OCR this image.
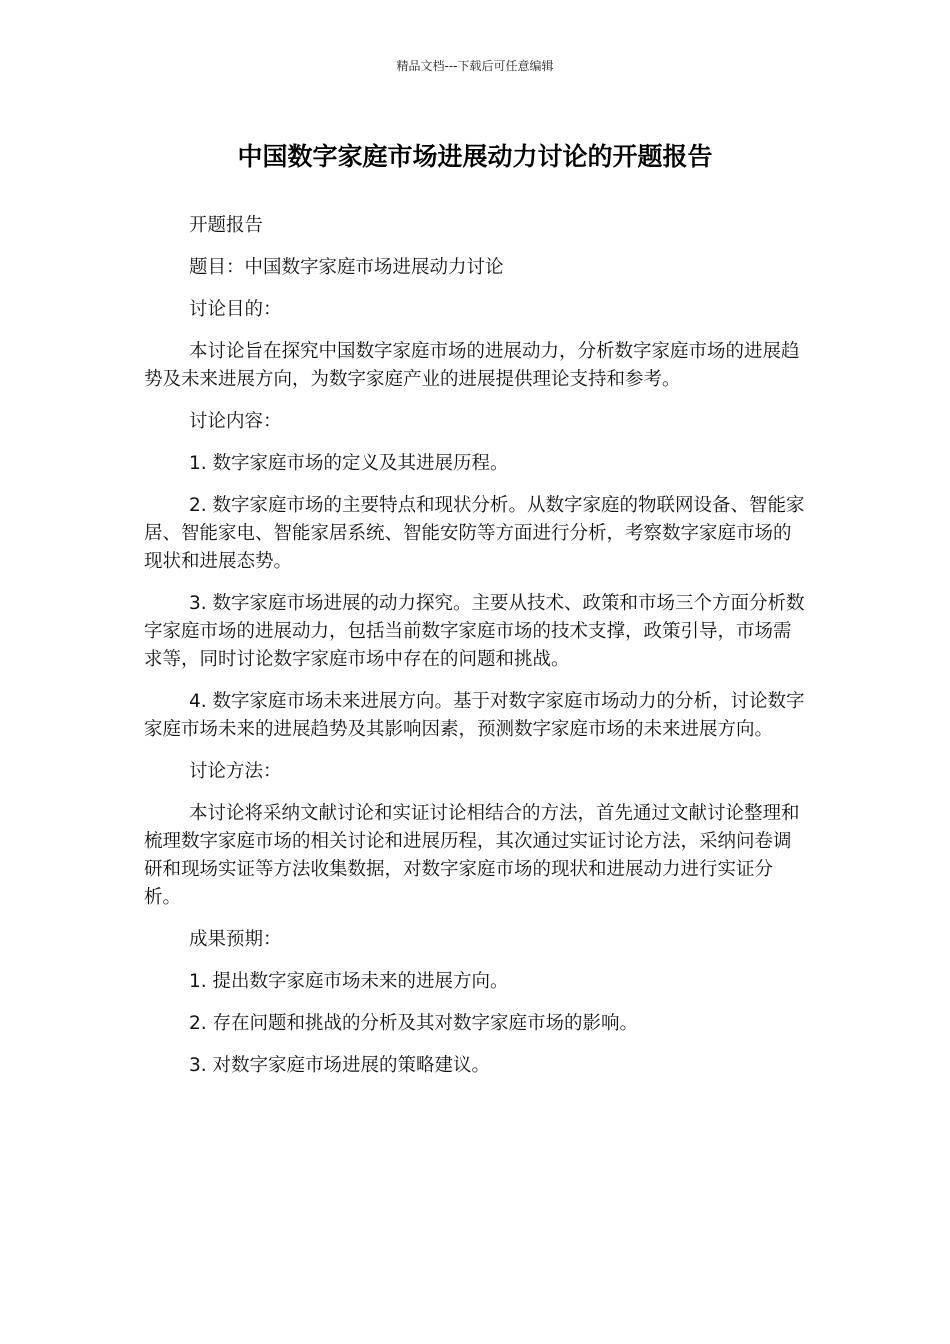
精品文档---下载后可任意编辑
中国数字家庭市场进展动力讨论的开题报告

开题报告

题目：中国数字家庭市场进展动力讨论

讨论目的：

本讨论旨在探究中国数字家庭市场的进展动力，分析数字家庭市场的进展趋势及未来进展方向，为数字家庭产业的进展提供理论支持和参考。

讨论内容：

1. 数字家庭市场的定义及其进展历程。

2. 数字家庭市场的主要特点和现状分析。从数字家庭的物联网设备、智能家居、智能家电、智能家居系统、智能安防等方面进行分析，考察数字家庭市场的现状和进展态势。

3. 数字家庭市场进展的动力探究。主要从技术、政策和市场三个方面分析数字家庭市场的进展动力，包括当前数字家庭市场的技术支撑，政策引导，市场需求等，同时讨论数字家庭市场中存在的问题和挑战。

4. 数字家庭市场未来进展方向。基于对数字家庭市场动力的分析，讨论数字家庭市场未来的进展趋势及其影响因素，预测数字家庭市场的未来进展方向。

讨论方法：

本讨论将采纳文献讨论和实证讨论相结合的方法，首先通过文献讨论整理和梳理数字家庭市场的相关讨论和进展历程，其次通过实证讨论方法，采纳问卷调研和现场实证等方法收集数据，对数字家庭市场的现状和进展动力进行实证分析。

成果预期：

1. 提出数字家庭市场未来的进展方向。

2. 存在问题和挑战的分析及其对数字家庭市场的影响。

3. 对数字家庭市场进展的策略建议。
